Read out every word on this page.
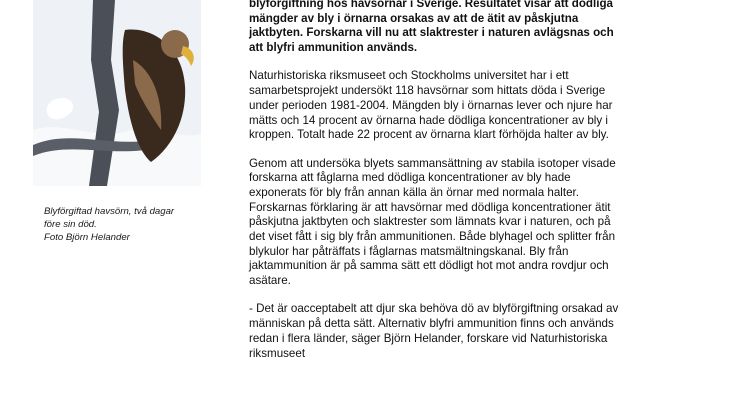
Blyförgiftad havsörn, två dagar
före sin död.
Foto Björn Helander

blyförgiftning hos havsörnar i Sverige. Resultatet visar att dödliga
mängder av bly i örnarna orsakas av att de ätit av påskjutna
jaktbyten. Forskarna vill nu att slaktrester i naturen avlägsnas och
att blyfri ammunition används.

Naturhistoriska riksmuseet och Stockholms universitet har i ett
samarbetsprojekt undersökt 118 havsörnar som hittats döda i Sverige
under perioden 1981-2004. Mängden bly i örnarnas lever och njure har
mätts och 14 procent av örnarna hade dödliga koncentrationer av bly i
kroppen. Totalt hade 22 procent av örnarna klart förhöjda halter av bly.

Genom att undersöka blyets sammansättning av stabila isotoper visade
forskarna att fåglarna med dödliga koncentrationer av bly hade
exponerats för bly från annan källa än örnar med normala halter.
Forskarnas förklaring är att havsörnar med dödliga koncentrationer ätit
påskjutna jaktbyten och slaktrester som lämnats kvar i naturen, och på
det viset fått i sig bly från ammunitionen. Både blyhagel och splitter från
blykulor har påträffats i fåglarnas matsmältningskanal. Bly från
jaktammunition är på samma sätt ett dödligt hot mot andra rovdjur och
asätare.

- Det är oacceptabelt att djur ska behöva dö av blyförgiftning orsakad av
människan på detta sätt. Alternativ blyfri ammunition finns och används
redan i flera länder, säger Björn Helander, forskare vid Naturhistoriska
riksmuseet
